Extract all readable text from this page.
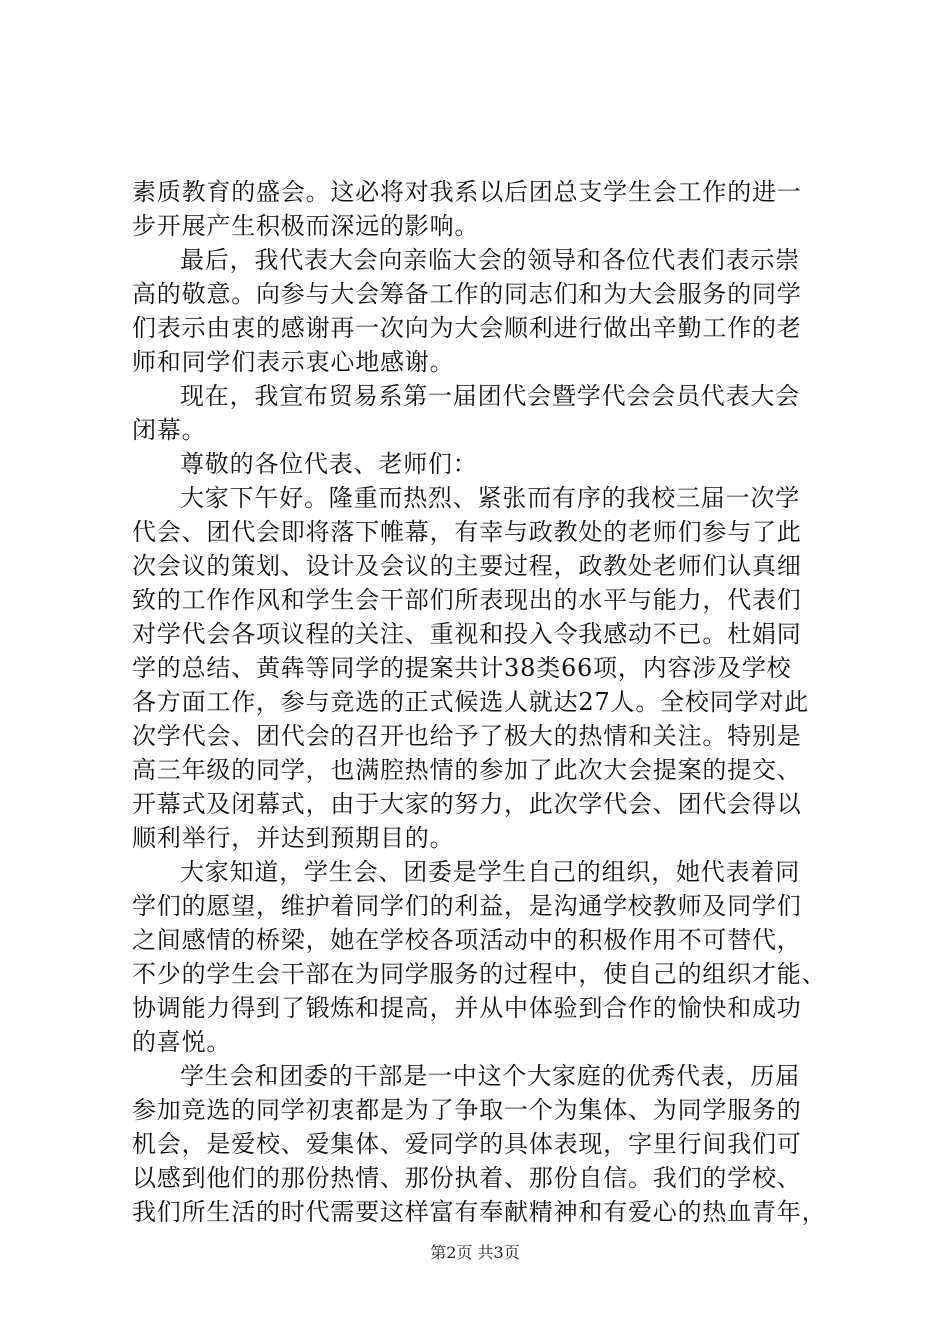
素质教育的盛会。这必将对我系以后团总支学生会工作的进一
步开展产生积极而深远的影响。
最后，我代表大会向亲临大会的领导和各位代表们表示崇
高的敬意。向参与大会筹备工作的同志们和为大会服务的同学
们表示由衷的感谢再一次向为大会顺利进行做出辛勤工作的老
师和同学们表示衷心地感谢。
现在，我宣布贸易系第一届团代会暨学代会会员代表大会
闭幕。
尊敬的各位代表、老师们：
大家下午好。隆重而热烈、紧张而有序的我校三届一次学
代会、团代会即将落下帷幕，有幸与政教处的老师们参与了此
次会议的策划、设计及会议的主要过程，政教处老师们认真细
致的工作作风和学生会干部们所表现出的水平与能力，代表们
对学代会各项议程的关注、重视和投入令我感动不已。杜娟同
学的总结、黄犇等同学的提案共计38类66项，内容涉及学校
各方面工作，参与竞选的正式候选人就达27人。全校同学对此
次学代会、团代会的召开也给予了极大的热情和关注。特别是
高三年级的同学，也满腔热情的参加了此次大会提案的提交、
开幕式及闭幕式，由于大家的努力，此次学代会、团代会得以
顺利举行，并达到预期目的。
大家知道，学生会、团委是学生自己的组织，她代表着同
学们的愿望，维护着同学们的利益，是沟通学校教师及同学们
之间感情的桥梁，她在学校各项活动中的积极作用不可替代，
不少的学生会干部在为同学服务的过程中，使自己的组织才能、
协调能力得到了锻炼和提高，并从中体验到合作的愉快和成功
的喜悦。
学生会和团委的干部是一中这个大家庭的优秀代表，历届
参加竞选的同学初衷都是为了争取一个为集体、为同学服务的
机会，是爱校、爱集体、爱同学的具体表现，字里行间我们可
以感到他们的那份热情、那份执着、那份自信。我们的学校、
我们所生活的时代需要这样富有奉献精神和有爱心的热血青年，
第2页 共3页
